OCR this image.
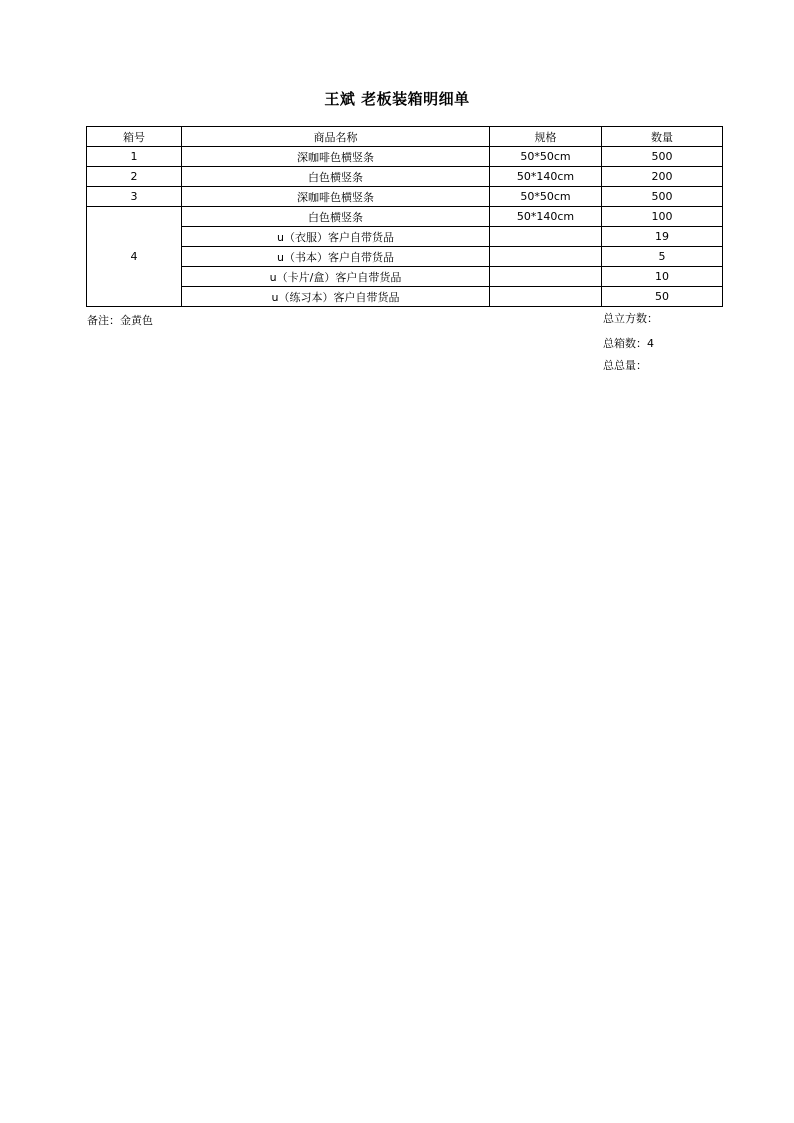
王斌 老板装箱明细单
箱号	商品名称	规格	数量
1	深咖啡色横竖条	50*50cm	500
2	白色横竖条	50*140cm	200
3	深咖啡色横竖条	50*50cm	500
4	白色横竖条	50*140cm	100
	u（衣服）客户自带货品		19
	u（书本）客户自带货品		5
	u（卡片/盒）客户自带货品		10
	u（练习本）客户自带货品		50
备注：金黄色	总立方数：
总箱数：4
总总量：
